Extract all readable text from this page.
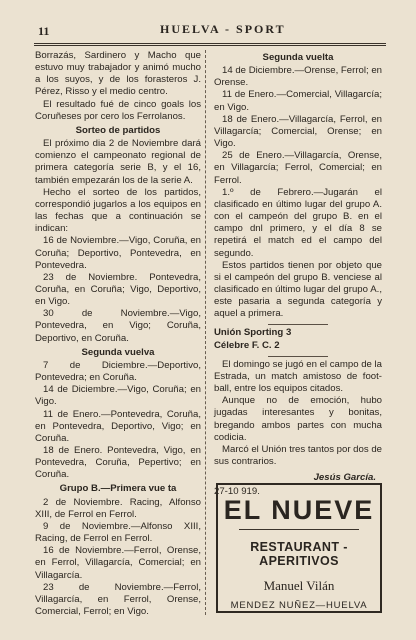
11	HUELVA - SPORT

Borrazás, Sardinero y Macho que estuvo muy trabajador y animó mucho a los suyos, y de los forasteros J. Pérez, Risso y el medio centro.

El resultado fué de cinco goals los Coruñeses por cero los Ferrolanos.

Sorteo de partidos

El próximo dia 2 de Noviembre dará comienzo el campeonato regional de primera categoría serie B, y el 16, también empezarán los de la serie A.

Hecho el sorteo de los partidos, correspondió jugarlos a los equipos en las fechas que a continuación se indican:

16 de Noviembre.—Vigo, Coruña, en Coruña; Deportivo, Pontevedra, en Pontevedra.

23 de Noviembre. Pontevedra, Coruña, en Coruña; Vigo, Deportivo, en Vigo.

30 de Noviembre.—Vigo, Pontevedra, en Vigo; Coruña, Deportivo, en Coruña.

Segunda vuelva

7 de Diciembre.—Deportivo, Pontevedra; en Coruña.

14 de Diciembre.—Vigo, Coruña; en Vigo.

11 de Enero.—Pontevedra, Coruña, en Pontevedra, Deportivo, Vigo; en Coruña.

18 de Enero. Pontevedra, Vigo, en Pontevedra, Coruña, Pepertivo; en Coruña.

Grupo B.—Primera vue ta

2 de Noviembre. Racing, Alfonso XIII, de Ferrol en Ferrol.

9 de Noviembre.—Alfonso XIII, Racing, de Ferrol en Ferrol.

16 de Noviembre.—Ferrol, Orense, en Ferrol, Villagarcía, Comercial; en Villagarcía.

23 de Noviembre.—Ferrol, Villagarcía, en Ferrol, Orense, Comercial, Ferrol; en Vigo.

Segunda vuelta

14 de Diciembre.—Orense, Ferrol; en Orense.

11 de Enero.—Comercial, Villagarcía; en Vigo.

18 de Enero.—Villagarcía, Ferrol, en Villagarcía; Comercial, Orense; en Vigo.

25 de Enero.—Villagarcía, Orense, en Villagarcía; Ferrol, Comercial; en Ferrol.

1.º de Febrero.—Jugarán el clasificado en último lugar del grupo A. con el campeón del grupo B. en el campo dnl primero, y el día 8 se repetirá el match ed el campo del segundo.

Estos partidos tienen por objeto que si el campeón del grupo B. venciese al clasificado en último lugar del grupo A., este pasaria a segunda categoría y aquel a primera.

Unión Sporting 3

Célebre F. C. 2

El domingo se jugó en el campo de la Estrada, un match amistoso de foot-ball, entre los equipos citados.

Aunque no de emoción, hubo jugadas interesantes y bonitas, bregando ambos partes con mucha codicia.

Marcó el Unión tres tantos por dos de sus contrarios.

Jesús García.

27-10 919.

EL NUEVE
RESTAURANT - APERITIVOS
Manuel Vilán
MENDEZ NUÑEZ—HUELVA
